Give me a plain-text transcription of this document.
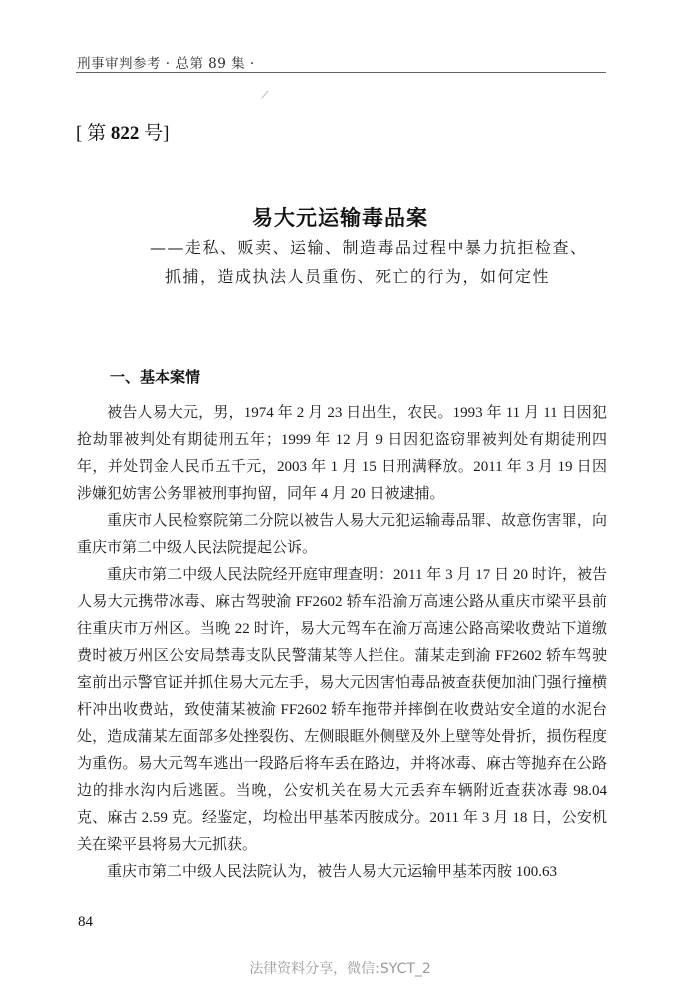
刑事审判参考 · 总第 89 集 ·
[ 第 822 号]
易大元运输毒品案
——走私、贩卖、运输、制造毒品过程中暴力抗拒检查、
抓捕，造成执法人员重伤、死亡的行为，如何定性
一、基本案情

被告人易大元，男，1974 年 2 月 23 日出生，农民。1993 年 11 月 11 日因犯抢劫罪被判处有期徒刑五年；1999 年 12 月 9 日因犯盗窃罪被判处有期徒刑四年，并处罚金人民币五千元，2003 年 1 月 15 日刑满释放。2011 年 3 月 19 日因涉嫌犯妨害公务罪被刑事拘留，同年 4 月 20 日被逮捕。

重庆市人民检察院第二分院以被告人易大元犯运输毒品罪、故意伤害罪，向重庆市第二中级人民法院提起公诉。

重庆市第二中级人民法院经开庭审理查明：2011 年 3 月 17 日 20 时许，被告人易大元携带冰毒、麻古驾驶渝 FF2602 轿车沿渝万高速公路从重庆市梁平县前往重庆市万州区。当晚 22 时许，易大元驾车在渝万高速公路高梁收费站下道缴费时被万州区公安局禁毒支队民警蒲某等人拦住。蒲某走到渝 FF2602 轿车驾驶室前出示警官证并抓住易大元左手，易大元因害怕毒品被查获便加油门强行撞横杆冲出收费站，致使蒲某被渝 FF2602 轿车拖带并摔倒在收费站安全道的水泥台处，造成蒲某左面部多处挫裂伤、左侧眼眶外侧壁及外上壁等处骨折，损伤程度为重伤。易大元驾车逃出一段路后将车丢在路边，并将冰毒、麻古等抛弃在公路边的排水沟内后逃匿。当晚，公安机关在易大元丢弃车辆附近查获冰毒 98.04 克、麻古 2.59 克。经鉴定，均检出甲基苯丙胺成分。2011 年 3 月 18 日，公安机关在梁平县将易大元抓获。

重庆市第二中级人民法院认为，被告人易大元运输甲基苯丙胺 100.63

84
法律资料分享，微信:SYCT_2
